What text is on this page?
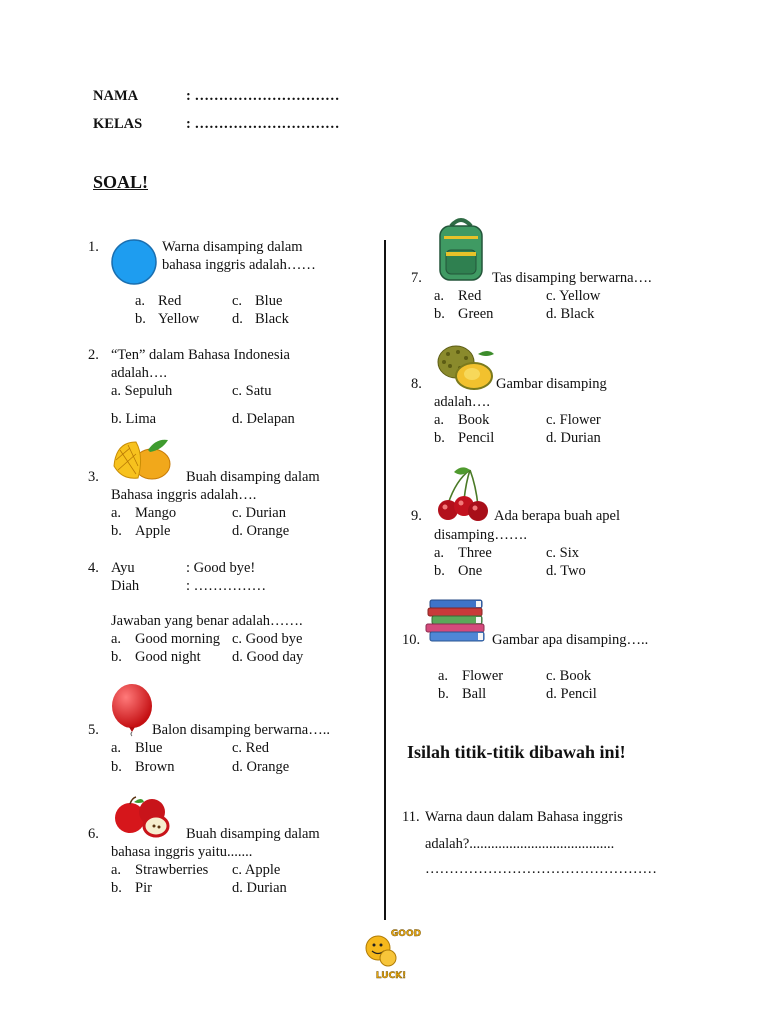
NAMA	: …………………………
KELAS	: …………………………
SOAL!
1.	Warna disamping dalam
bahasa inggris adalah……
a. Red	c. Blue
b. Yellow d. Black
2. “Ten” dalam Bahasa Indonesia
adalah….
a. Sepuluh	c. Satu
b. Lima	d. Delapan
3.	Buah disamping dalam
Bahasa inggris adalah….
a. Mango	c. Durian
b. Apple	d. Orange
4. Ayu	: Good bye!
Diah	: ……………
Jawaban yang benar adalah…….
a. Good morning c. Good bye
b. Good night d. Good day
5.	Balon disamping berwarna…..
a. Blue	c. Red
b. Brown	d. Orange
6.	Buah disamping dalam
bahasa inggris yaitu.......
a. Strawberries c. Apple
b. Pir	d. Durian
7.	Tas disamping berwarna….
a. Red	c. Yellow
b. Green	d. Black
8.	Gambar disamping
adalah….
a. Book	c. Flower
b. Pencil	d. Durian
9.	Ada berapa buah apel
disamping…….
a. Three	c. Six
b. One	d. Two
10.	Gambar apa disamping…..
a. Flower	c. Book
b. Ball	d. Pencil
Isilah titik-titik dibawah ini!
11. Warna daun dalam Bahasa inggris
adalah?........................................
…………………………………………
GOOD
LUCK!
